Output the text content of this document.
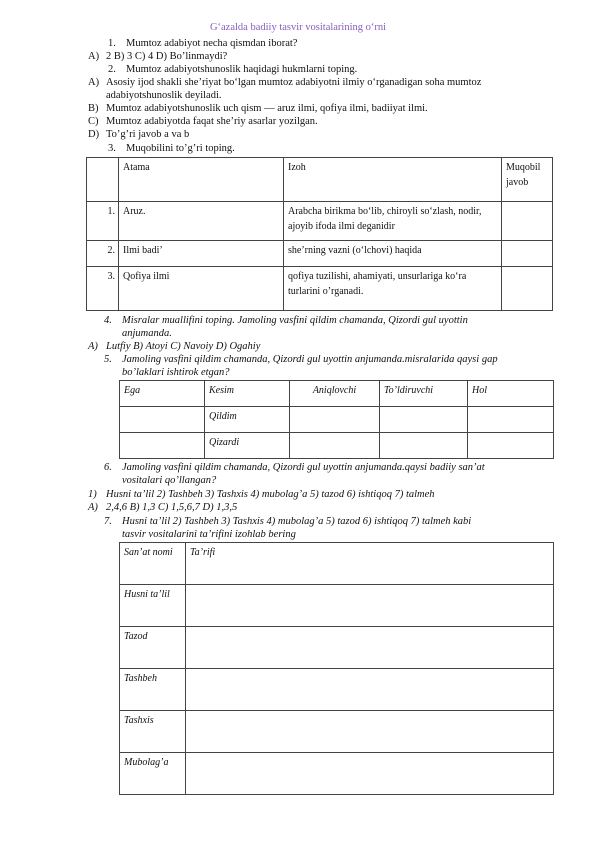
G‘azalda badiiy tasvir vositalarining o‘rni
1. Mumtoz adabiyot necha qismdan iborat?
A) 2 B) 3 C) 4 D) Bo’linmaydi?
2. Mumtoz adabiyotshunoslik haqidagi hukmlarni toping.
A) Asosiy ijod shakli she’riyat bo‘lgan mumtoz adabiyotni ilmiy o‘rganadigan soha mumtoz
adabiyotshunoslik deyiladi.
B) Mumtoz adabiyotshunoslik uch qism — aruz ilmi, qofiya ilmi, badiiyat ilmi.
C) Mumtoz adabiyotda faqat she’riy asarlar yozilgan.
D) To’g’ri javob a va b
3. Muqobilini to’g’ri toping.
	Atama	Izoh	Muqobil javob
1.	Aruz.	Arabcha birikma bo‘lib, chiroyli so‘zlash, nodir, ajoyib ifoda ilmi deganidir	
2.	Ilmi badi’	she’rning vazni (o‘lchovi) haqida	
3.	Qofiya ilmi	qofiya tuzilishi, ahamiyati, unsurlariga ko‘ra turlarini o’rganadi.	
4. Misralar muallifini toping. Jamoling vasfini qildim chamanda, Qizordi gul uyottin
anjumanda.
A) Lutfiy B) Atoyi C) Navoiy D) Ogahiy
5. Jamoling vasfini qildim chamanda, Qizordi gul uyottin anjumanda.misralarida qaysi gap
bo’laklari ishtirok etgan?
Ega	Kesim	Aniqlovchi	To’ldiruvchi	Hol
	Qildim			
	Qizardi			
6. Jamoling vasfini qildim chamanda, Qizordi gul uyottin anjumanda.qaysi badiiy san’at
vositalari qo’llangan?
1) Husni ta’lil 2) Tashbeh 3) Tashxis 4) mubolag’a 5) tazod 6) ishtiqoq 7) talmeh
A) 2,4,6 B) 1,3 C) 1,5,6,7 D) 1,3,5
7. Husni ta’lil 2) Tashbeh 3) Tashxis 4) mubolag’a 5) tazod 6) ishtiqoq 7) talmeh kabi
tasvir vositalarini ta’rifini izohlab bering
San’at nomi	Ta’rifi
Husni ta’lil	
Tazod	
Tashbeh	
Tashxis	
Mubolag’a	
